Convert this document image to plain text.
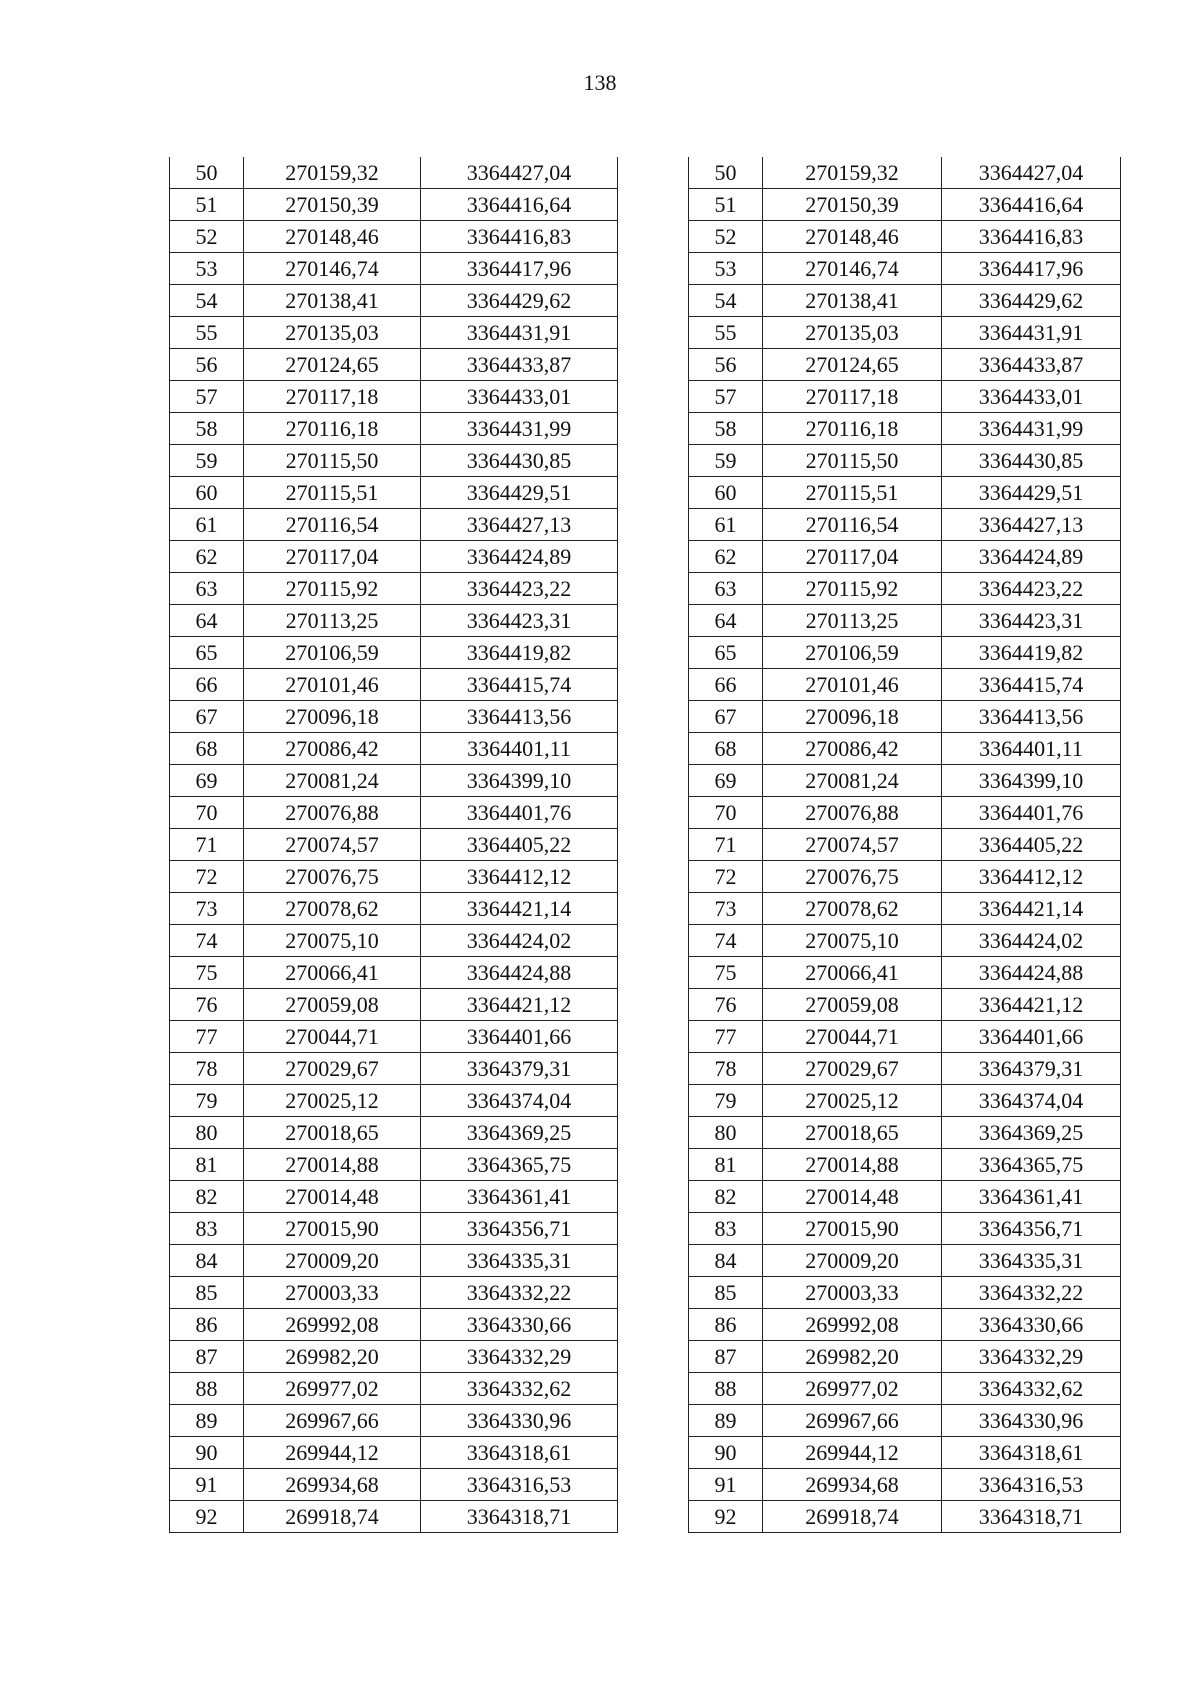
138
50	270159,32	3364427,04
51	270150,39	3364416,64
52	270148,46	3364416,83
53	270146,74	3364417,96
54	270138,41	3364429,62
55	270135,03	3364431,91
56	270124,65	3364433,87
57	270117,18	3364433,01
58	270116,18	3364431,99
59	270115,50	3364430,85
60	270115,51	3364429,51
61	270116,54	3364427,13
62	270117,04	3364424,89
63	270115,92	3364423,22
64	270113,25	3364423,31
65	270106,59	3364419,82
66	270101,46	3364415,74
67	270096,18	3364413,56
68	270086,42	3364401,11
69	270081,24	3364399,10
70	270076,88	3364401,76
71	270074,57	3364405,22
72	270076,75	3364412,12
73	270078,62	3364421,14
74	270075,10	3364424,02
75	270066,41	3364424,88
76	270059,08	3364421,12
77	270044,71	3364401,66
78	270029,67	3364379,31
79	270025,12	3364374,04
80	270018,65	3364369,25
81	270014,88	3364365,75
82	270014,48	3364361,41
83	270015,90	3364356,71
84	270009,20	3364335,31
85	270003,33	3364332,22
86	269992,08	3364330,66
87	269982,20	3364332,29
88	269977,02	3364332,62
89	269967,66	3364330,96
90	269944,12	3364318,61
91	269934,68	3364316,53
92	269918,74	3364318,71
50	270159,32	3364427,04
51	270150,39	3364416,64
52	270148,46	3364416,83
53	270146,74	3364417,96
54	270138,41	3364429,62
55	270135,03	3364431,91
56	270124,65	3364433,87
57	270117,18	3364433,01
58	270116,18	3364431,99
59	270115,50	3364430,85
60	270115,51	3364429,51
61	270116,54	3364427,13
62	270117,04	3364424,89
63	270115,92	3364423,22
64	270113,25	3364423,31
65	270106,59	3364419,82
66	270101,46	3364415,74
67	270096,18	3364413,56
68	270086,42	3364401,11
69	270081,24	3364399,10
70	270076,88	3364401,76
71	270074,57	3364405,22
72	270076,75	3364412,12
73	270078,62	3364421,14
74	270075,10	3364424,02
75	270066,41	3364424,88
76	270059,08	3364421,12
77	270044,71	3364401,66
78	270029,67	3364379,31
79	270025,12	3364374,04
80	270018,65	3364369,25
81	270014,88	3364365,75
82	270014,48	3364361,41
83	270015,90	3364356,71
84	270009,20	3364335,31
85	270003,33	3364332,22
86	269992,08	3364330,66
87	269982,20	3364332,29
88	269977,02	3364332,62
89	269967,66	3364330,96
90	269944,12	3364318,61
91	269934,68	3364316,53
92	269918,74	3364318,71
